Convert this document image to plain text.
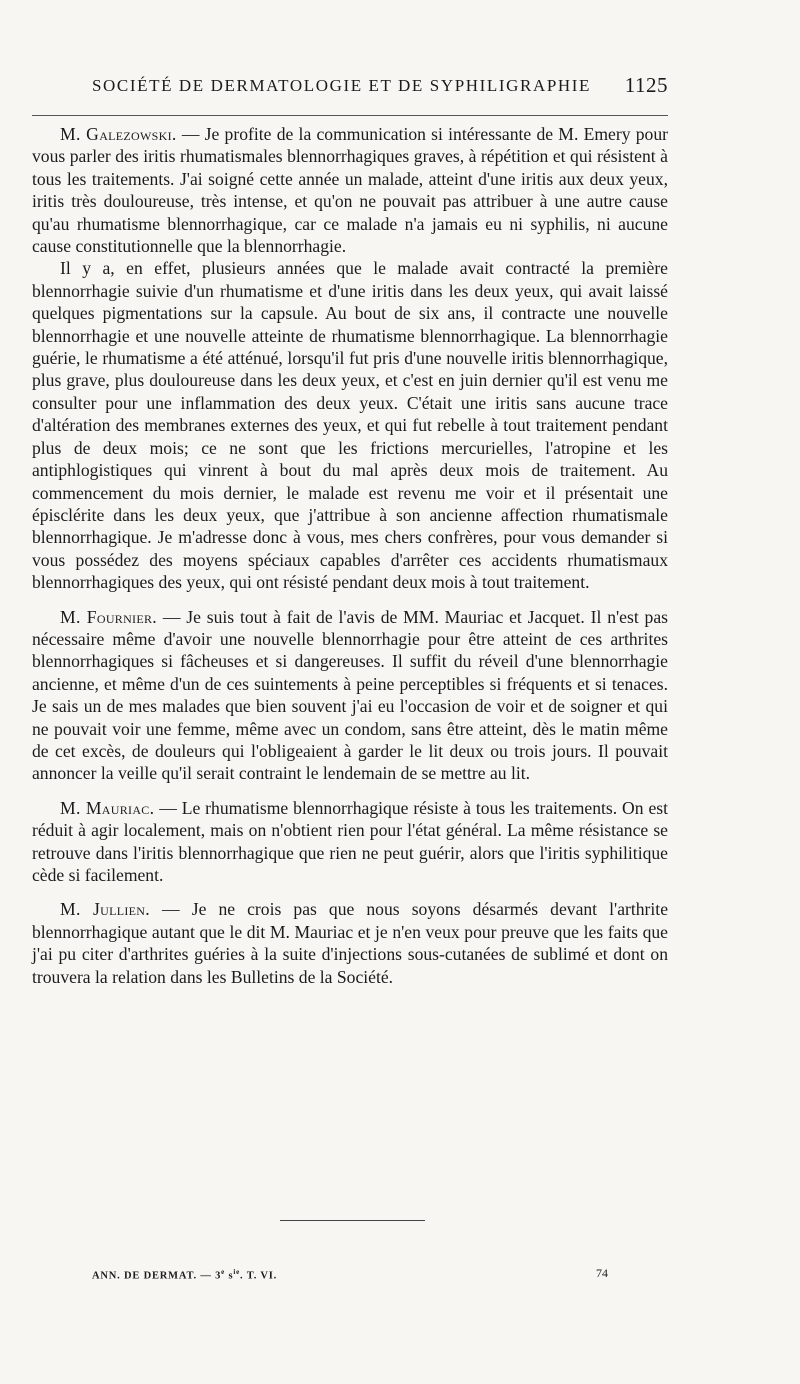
SOCIÉTÉ DE DERMATOLOGIE ET DE SYPHILIGRAPHIE 1125

M. Galezowski. — Je profite de la communication si intéressante de M. Emery pour vous parler des iritis rhumatismales blennorrhagiques graves, à répétition et qui résistent à tous les traitements. J'ai soigné cette année un malade, atteint d'une iritis aux deux yeux, iritis très douloureuse, très intense, et qu'on ne pouvait pas attribuer à une autre cause qu'au rhumatisme blennorrhagique, car ce malade n'a jamais eu ni syphilis, ni aucune cause constitutionnelle que la blennorrhagie.

Il y a, en effet, plusieurs années que le malade avait contracté la première blennorrhagie suivie d'un rhumatisme et d'une iritis dans les deux yeux, qui avait laissé quelques pigmentations sur la capsule. Au bout de six ans, il contracte une nouvelle blennorrhagie et une nouvelle atteinte de rhumatisme blennorrhagique. La blennorrhagie guérie, le rhumatisme a été atténué, lorsqu'il fut pris d'une nouvelle iritis blennorrhagique, plus grave, plus douloureuse dans les deux yeux, et c'est en juin dernier qu'il est venu me consulter pour une inflammation des deux yeux. C'était une iritis sans aucune trace d'altération des membranes externes des yeux, et qui fut rebelle à tout traitement pendant plus de deux mois; ce ne sont que les frictions mercurielles, l'atropine et les antiphlogistiques qui vinrent à bout du mal après deux mois de traitement. Au commencement du mois dernier, le malade est revenu me voir et il présentait une épisclérite dans les deux yeux, que j'attribue à son ancienne affection rhumatismale blennorrhagique. Je m'adresse donc à vous, mes chers confrères, pour vous demander si vous possédez des moyens spéciaux capables d'arrêter ces accidents rhumatismaux blennorrhagiques des yeux, qui ont résisté pendant deux mois à tout traitement.

M. Fournier. — Je suis tout à fait de l'avis de MM. Mauriac et Jacquet. Il n'est pas nécessaire même d'avoir une nouvelle blennorrhagie pour être atteint de ces arthrites blennorrhagiques si fâcheuses et si dangereuses. Il suffit du réveil d'une blennorrhagie ancienne, et même d'un de ces suintements à peine perceptibles si fréquents et si tenaces. Je sais un de mes malades que bien souvent j'ai eu l'occasion de voir et de soigner et qui ne pouvait voir une femme, même avec un condom, sans être atteint, dès le matin même de cet excès, de douleurs qui l'obligeaient à garder le lit deux ou trois jours. Il pouvait annoncer la veille qu'il serait contraint le lendemain de se mettre au lit.

M. Mauriac. — Le rhumatisme blennorrhagique résiste à tous les traitements. On est réduit à agir localement, mais on n'obtient rien pour l'état général. La même résistance se retrouve dans l'iritis blennorrhagique que rien ne peut guérir, alors que l'iritis syphilitique cède si facilement.

M. Jullien. — Je ne crois pas que nous soyons désarmés devant l'arthrite blennorrhagique autant que le dit M. Mauriac et je n'en veux pour preuve que les faits que j'ai pu citer d'arthrites guéries à la suite d'injections sous-cutanées de sublimé et dont on trouvera la relation dans les Bulletins de la Société.

ANN. DE DERMAT. — 3e $s^{ie}$. T. VI.	74
